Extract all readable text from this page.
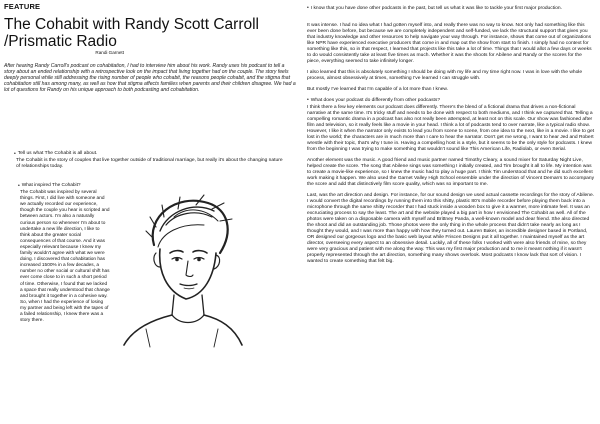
FEATURE
The Cohabit with Randy Scott Carroll /Prismatic Radio
Randi Garnett
After hearing Randy Carroll's podcast on cohabitation, I had to interview him about his work. Randy uses his podcast to tell a story about an ended relationship with a retrospective look on the impact that living together had on the couple. The story feels deeply personal while still addressing the rising number of people who cohabit, the reasons people cohabit, and the stigma that cohabitation still has among many, as well as how that stigma affects families when parents and their children disagree. We had a lot of questions for Randy on his unique approach to both podcasting and cohabitation.
• Tell us what The Cohabit is all about.
The Cohabit is the story of couples that live together outside of traditional marriage, but really it's about the changing nature of relationships today.
• What inspired The Cohabit?
The Cohabit was inspired by several things. First, I did live with someone and we actually recorded our experience, though the couple you hear is scripted and between actors. I'm also a naturally curious person so whenever I'm about to undertake a new life direction, I like to think about the greater social consequences of that course. And it was especially relevant because I knew my family wouldn't agree with what we were doing. I discovered that cohabitation has increased 1500% in a few decades, a number no other social or cultural shift has ever come close to in such a short period of time. Otherwise, I found that we lacked a space that really understood that change and brought it together in a cohesive way. So, when I had the experience of losing my partner and being left with the tapes of a failed relationship, I knew there was a story there.
• I know that you have done other podcasts in the past, but tell us what it was like to tackle your first major production.

It was intense. I had no idea what I had gotten myself into, and really there was no way to know. Not only had something like this ever been done before, but because we are completely independent and self-funded, we lack the structural support that gives you that industry knowledge and other resources to help navigate your way through. For instance, shows that come out of organizations like NPR have experienced executive producers that come in and map out the show from start to finish. I simply had no context for something like this, so in that respect, I learned that projects like this take a lot of time. Things that I would allot a few days or weeks to do would consistently take at least five times as much. Whether it was the shoots for Abilene and Randy or the scores for the piece, everything seemed to take infinitely longer.

I also learned that this is absolutely something I should be doing with my life and my time right now. I was in love with the whole process, almost obsessively at times, something I've learned I can struggle with.

But mostly I've learned that I'm capable of a lot more than I knew.

• What does your podcast do differently from other podcasts?

I think there a few key elements our podcast does differently. There's the blend of a fictional drama that drives a non-fictional narrative at the same time. It's tricky stuff and needs to be done with respect to both mediums, and I think we captured that. Telling a compelling romantic drama in a podcast has also not really been attempted, at least not on this scale. Our show was fashioned after film and television, so it really feels like a movie in your head. I think a lot of podcasts tend to over narrate, like a typical radio show. However, I like it when the narrator only exists to lead you from scene to scene, from one idea to the next, like in a movie. I like to get lost in the world; the characters are in much more than I care to hear the narrator. Don't get me wrong, I want to hear Jed and Robert wrestle with their topic, that's why I tune in. Having a compelling host is a style, but it seems to be the only style for podcasts. I knew from the beginning I was trying to make something that wouldn't sound like This American Life, Radiolab, or even Serial.

Another element was the music. A good friend and music partner named Timothy Cleary, a sound mixer for Saturday Night Live, helped create the score. The song that Abilene sings was something I initially created, and Tim brought it all to life. My intention was to create a movie-like experience, so I knew the music had to play a huge part. I think Tim understood that and he did such excellent work making it happen. We also used the Garnet Valley High School ensemble under the direction of Vincent Demarrs to accompany the score and add that distinctively film score quality, which was so important to me.

Last, was the art direction and design. For instance, for our sound design we used actual cassette recordings for the story of Abilene. I would convert the digital recordings by running them into this shitty, plastic 80's mobile recorder before playing them back into a microphone through the same shitty recorder that I had stuck inside a wooden box to give it a warmer, more intimate feel. It was an excruciating process to say the least. The art and the website played a big part in how I envisioned The Cohabit as well. All of the photos were taken on a disposable camera with myself and Brittney Panda, a well-known model and dear friend. She also directed the shoot and did an outstanding job. Those photos were the only thing in the whole process that didn't take nearly as long as I thought they would, and I was more than happy with how they turned out. Lauren Baker, an incredible designer based in Portland, OR designed our gorgeous logo and the basic web layout while Friscen Designs put it all together. I maintained myself as the art director, overseeing every aspect to an obsessive detail. Luckily, all of these folks I worked with were also friends of mine, so they were very gracious and patient with me along the way. This was my first major production and to me it meant nothing if it wasn't properly represented through the art direction, something many shows overlook. Most podcasts I know lack that sort of vision. I wanted to create something that felt big.
